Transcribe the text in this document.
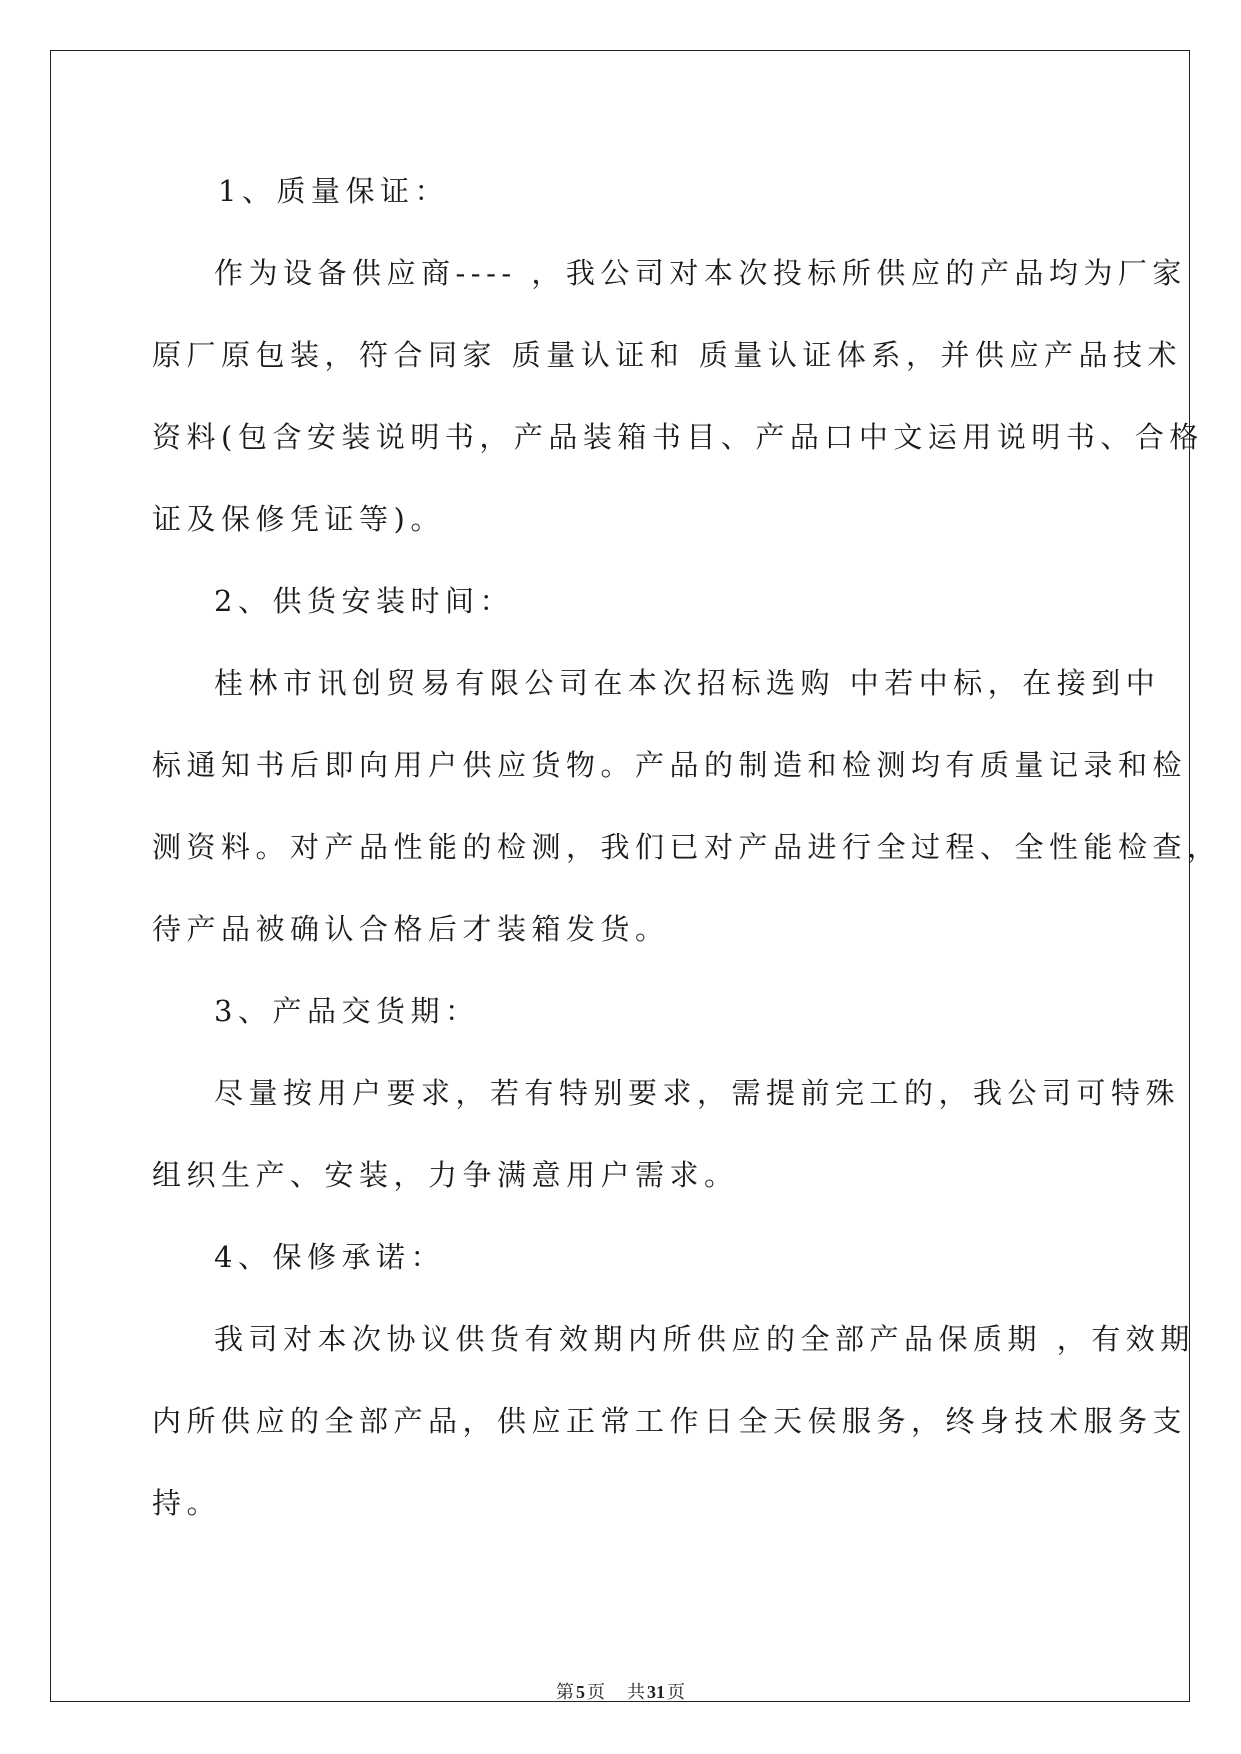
1、质量保证：
作为设备供应商---- ，我公司对本次投标所供应的产品均为厂家
原厂原包装，符合同家 质量认证和 质量认证体系，并供应产品技术
资料(包含安装说明书，产品装箱书目、产品口中文运用说明书、合格
证及保修凭证等)。
2、供货安装时间：
桂林市讯创贸易有限公司在本次招标选购 中若中标，在接到中
标通知书后即向用户供应货物。产品的制造和检测均有质量记录和检
测资料。对产品性能的检测，我们已对产品进行全过程、全性能检查，
待产品被确认合格后才装箱发货。
3、产品交货期：
尽量按用户要求，若有特别要求，需提前完工的，我公司可特殊
组织生产、安装，力争满意用户需求。
4、保修承诺：
我司对本次协议供货有效期内所供应的全部产品保质期 ，有效期
内所供应的全部产品，供应正常工作日全天侯服务，终身技术服务支
持。
第 5 页 共 31 页
